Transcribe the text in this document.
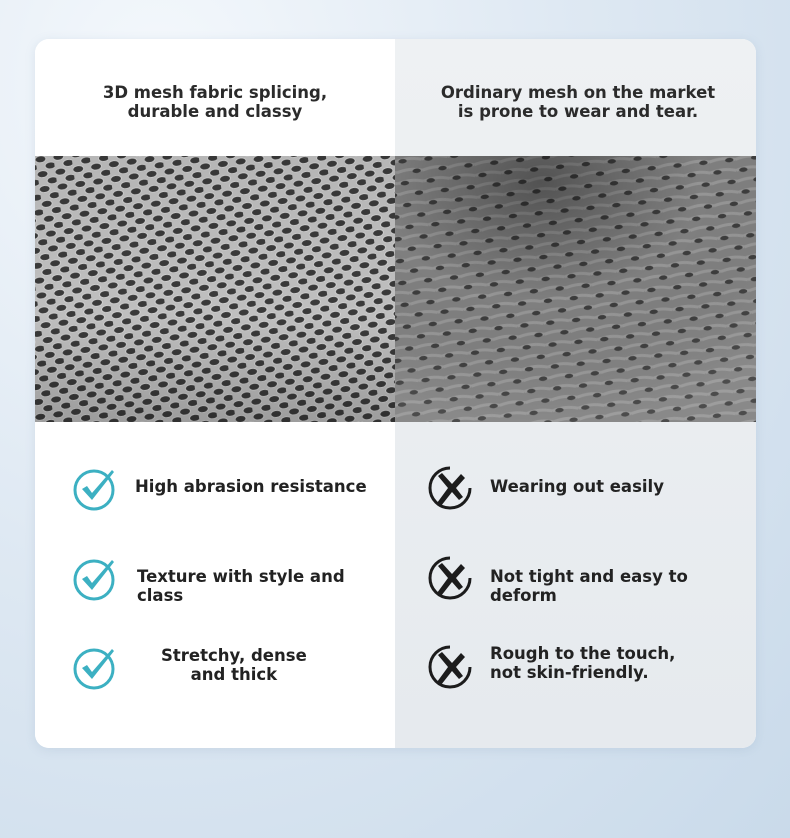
3D mesh fabric splicing,
durable and classy
High abrasion resistance
Texture with style and class
Stretchy, dense
and thick
Ordinary mesh on the market
is prone to wear and tear.
Wearing out easily
Not tight and easy to deform
Rough to the touch,
not skin-friendly.
